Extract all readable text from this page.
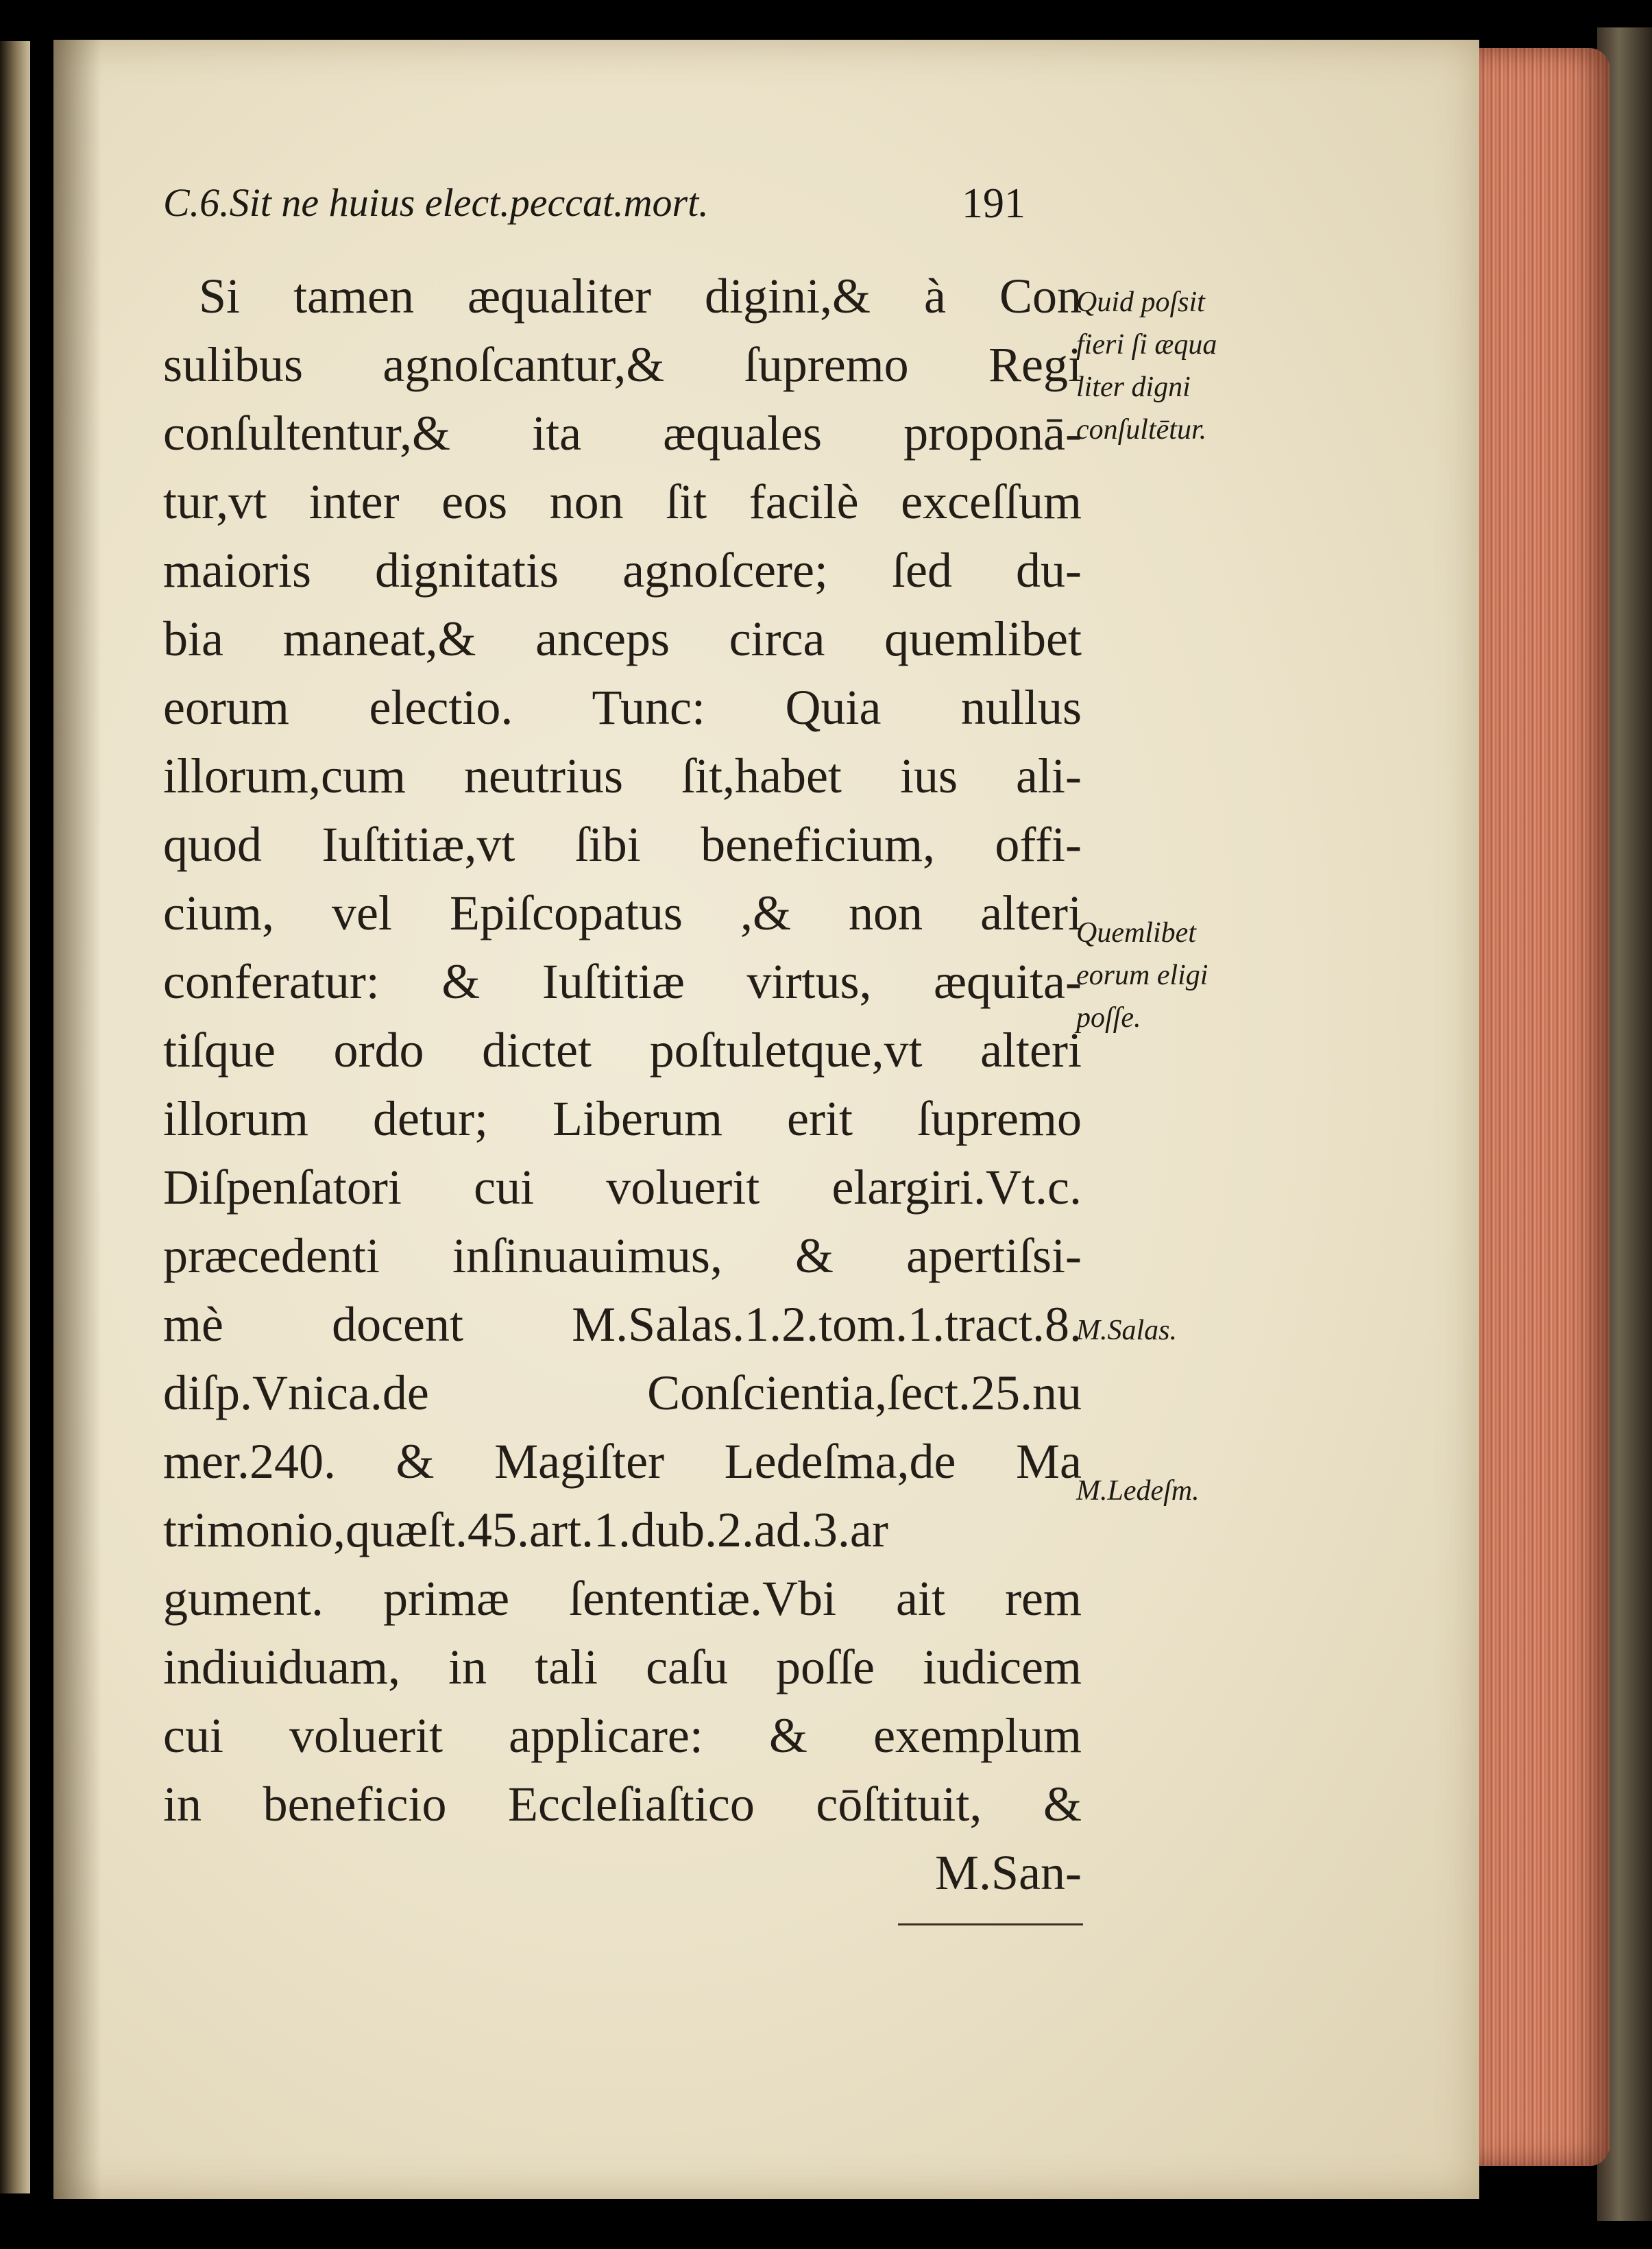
C.6.Sit ne huius elect.peccat.mort.	191
Si tamen æqualiter digini,& à Con
sulibus agnoſcantur,& ſupremo Regi
conſultentur,& ita æquales proponā-
tur,vt inter eos non ſit facilè exceſſum
maioris dignitatis agnoſcere; ſed du-
bia maneat,& anceps circa quemlibet
eorum electio. Tunc: Quia nullus
illorum,cum neutrius ſit,habet ius ali-
quod Iuſtitiæ,vt ſibi beneficium, offi-
cium, vel Epiſcopatus ,& non alteri
conferatur: & Iuſtitiæ virtus, æquita-
tiſque ordo dictet poſtuletque,vt alteri
illorum detur; Liberum erit ſupremo
Diſpenſatori cui voluerit elargiri.Vt.c.
præcedenti inſinuauimus, & apertiſsi-
mè docent M.Salas.1.2.tom.1.tract.8.
diſp.Vnica.de Conſcientia,ſect.25.nu
mer.240. & Magiſter Ledeſma,de Ma
trimonio,quæſt.45.art.1.dub.2.ad.3.ar
gument. primæ ſententiæ.Vbi ait rem
indiuiduam, in tali caſu poſſe iudicem
cui voluerit applicare: & exemplum
in beneficio Eccleſiaſtico cōſtituit, &
M.San-
Quid poſsit
fieri ſi æqua
liter digni
conſultētur.
Quemlibet
eorum eligi
poſſe.
M.Salas.
M.Ledeſm.
